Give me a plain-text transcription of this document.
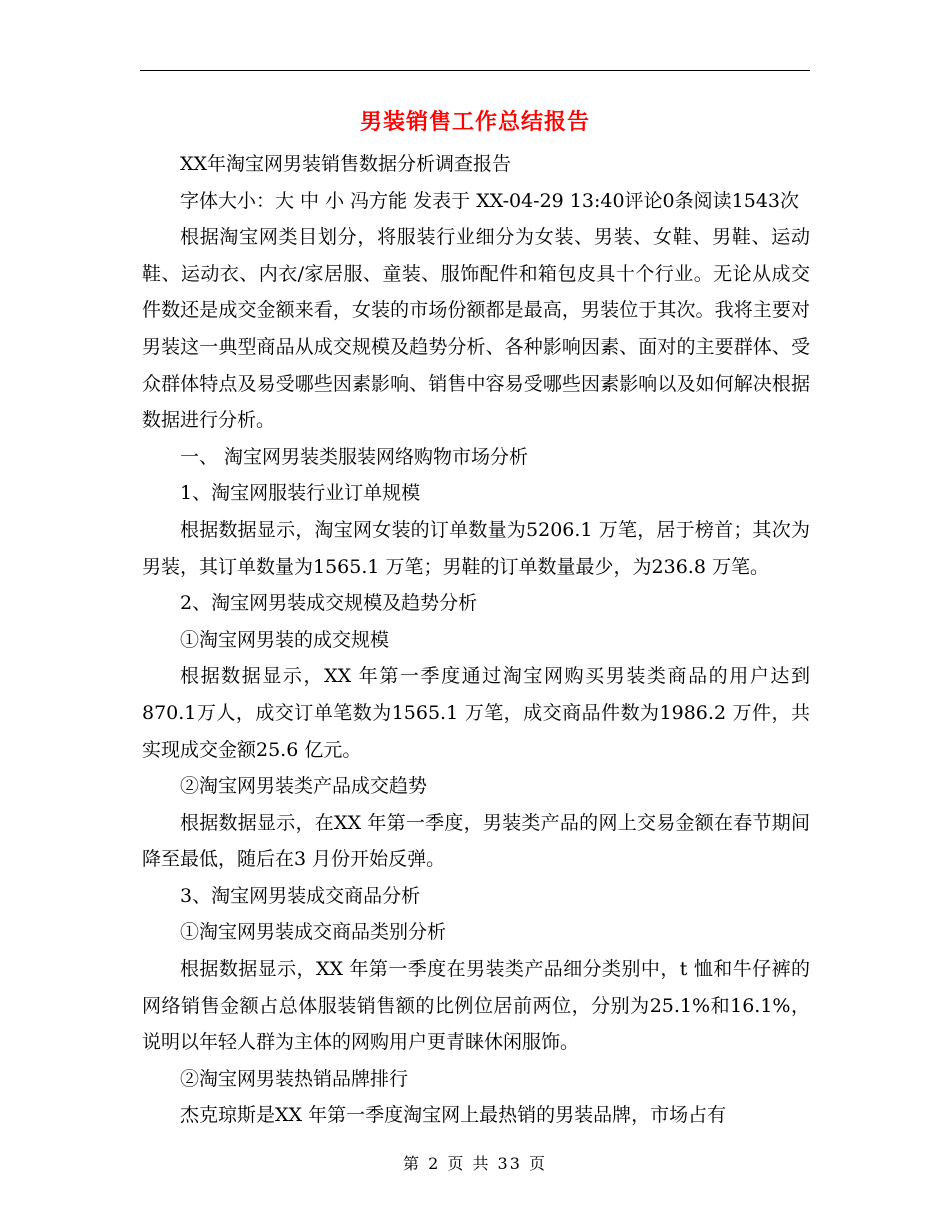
男装销售工作总结报告

XX年淘宝网男装销售数据分析调查报告

字体大小：大 中 小 冯方能 发表于 XX-04-29 13:40评论0条阅读1543次

根据淘宝网类目划分，将服装行业细分为女装、男装、女鞋、男鞋、运动鞋、运动衣、内衣/家居服、童装、服饰配件和箱包皮具十个行业。无论从成交件数还是成交金额来看，女装的市场份额都是最高，男装位于其次。我将主要对男装这一典型商品从成交规模及趋势分析、各种影响因素、面对的主要群体、受众群体特点及易受哪些因素影响、销售中容易受哪些因素影响以及如何解决根据数据进行分析。

一、 淘宝网男装类服装网络购物市场分析

1、淘宝网服装行业订单规模

根据数据显示，淘宝网女装的订单数量为5206.1 万笔，居于榜首；其次为男装，其订单数量为1565.1 万笔；男鞋的订单数量最少，为236.8 万笔。

2、淘宝网男装成交规模及趋势分析

①淘宝网男装的成交规模

根据数据显示，XX 年第一季度通过淘宝网购买男装类商品的用户达到870.1万人，成交订单笔数为1565.1 万笔，成交商品件数为1986.2 万件，共实现成交金额25.6 亿元。

②淘宝网男装类产品成交趋势

根据数据显示，在XX 年第一季度，男装类产品的网上交易金额在春节期间降至最低，随后在3 月份开始反弹。

3、淘宝网男装成交商品分析

①淘宝网男装成交商品类别分析

根据数据显示，XX 年第一季度在男装类产品细分类别中，t 恤和牛仔裤的网络销售金额占总体服装销售额的比例位居前两位，分别为25.1%和16.1%，说明以年轻人群为主体的网购用户更青睐休闲服饰。

②淘宝网男装热销品牌排行

杰克琼斯是XX 年第一季度淘宝网上最热销的男装品牌，市场占有

第 2 页 共 33 页
